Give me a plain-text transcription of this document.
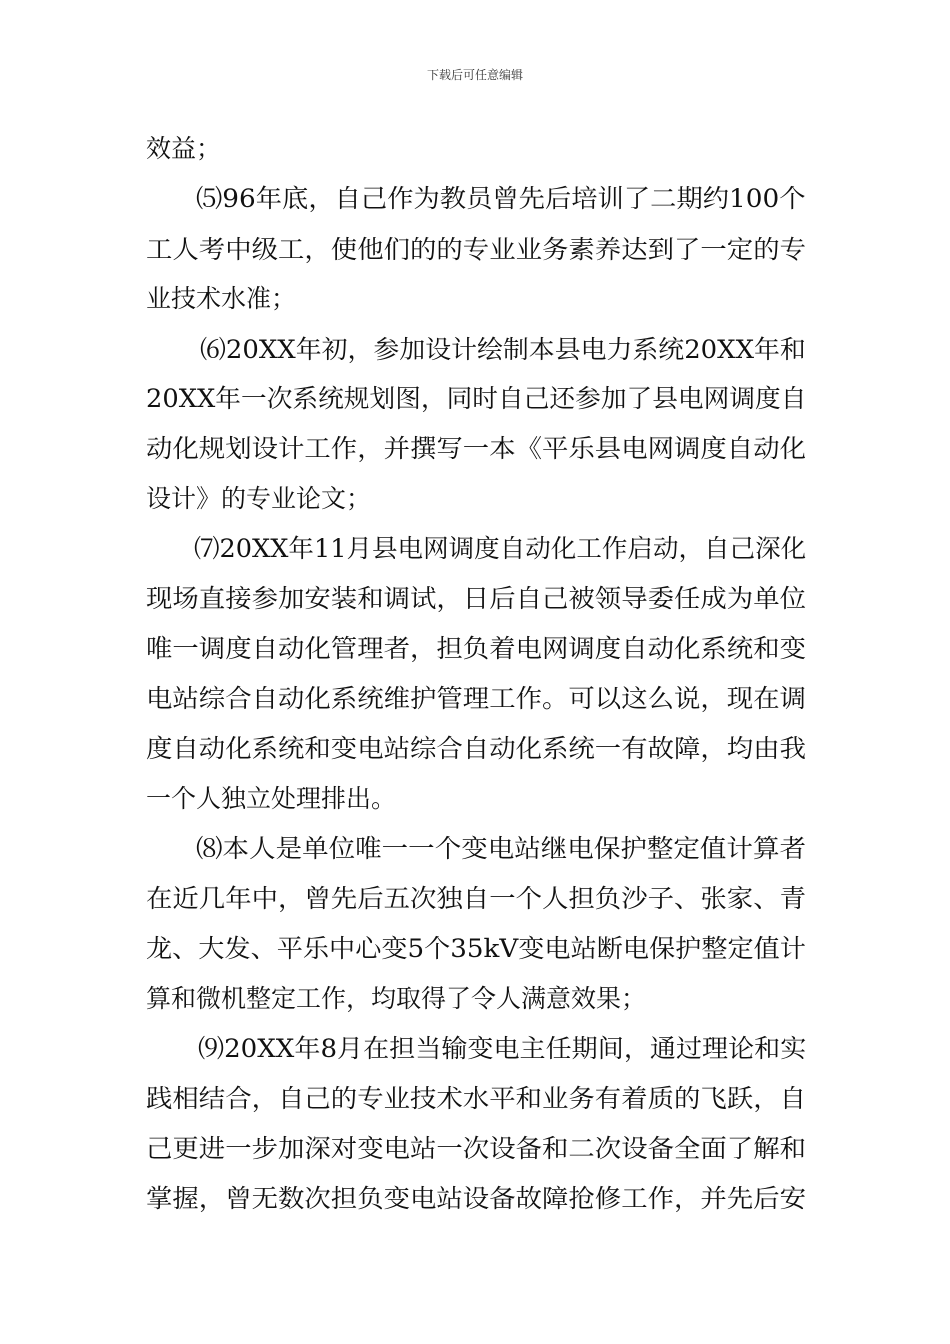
下载后可任意编辑
效益；
⑸96年底，自己作为教员曾先后培训了二期约100个
工人考中级工，使他们的的专业业务素养达到了一定的专
业技术水准；
⑹20XX年初，参加设计绘制本县电力系统20XX年和
20XX年一次系统规划图，同时自己还参加了县电网调度自
动化规划设计工作，并撰写一本《平乐县电网调度自动化
设计》的专业论文；
⑺20XX年11月县电网调度自动化工作启动，自己深化
现场直接参加安装和调试，日后自己被领导委任成为单位
唯一调度自动化管理者，担负着电网调度自动化系统和变
电站综合自动化系统维护管理工作。可以这么说，现在调
度自动化系统和变电站综合自动化系统一有故障，均由我
一个人独立处理排出。
⑻本人是单位唯一一个变电站继电保护整定值计算者
在近几年中，曾先后五次独自一个人担负沙子、张家、青
龙、大发、平乐中心变5个35kV变电站断电保护整定值计
算和微机整定工作，均取得了令人满意效果；
⑼20XX年8月在担当输变电主任期间，通过理论和实
践相结合，自己的专业技术水平和业务有着质的飞跃，自
己更进一步加深对变电站一次设备和二次设备全面了解和
掌握，曾无数次担负变电站设备故障抢修工作，并先后安
